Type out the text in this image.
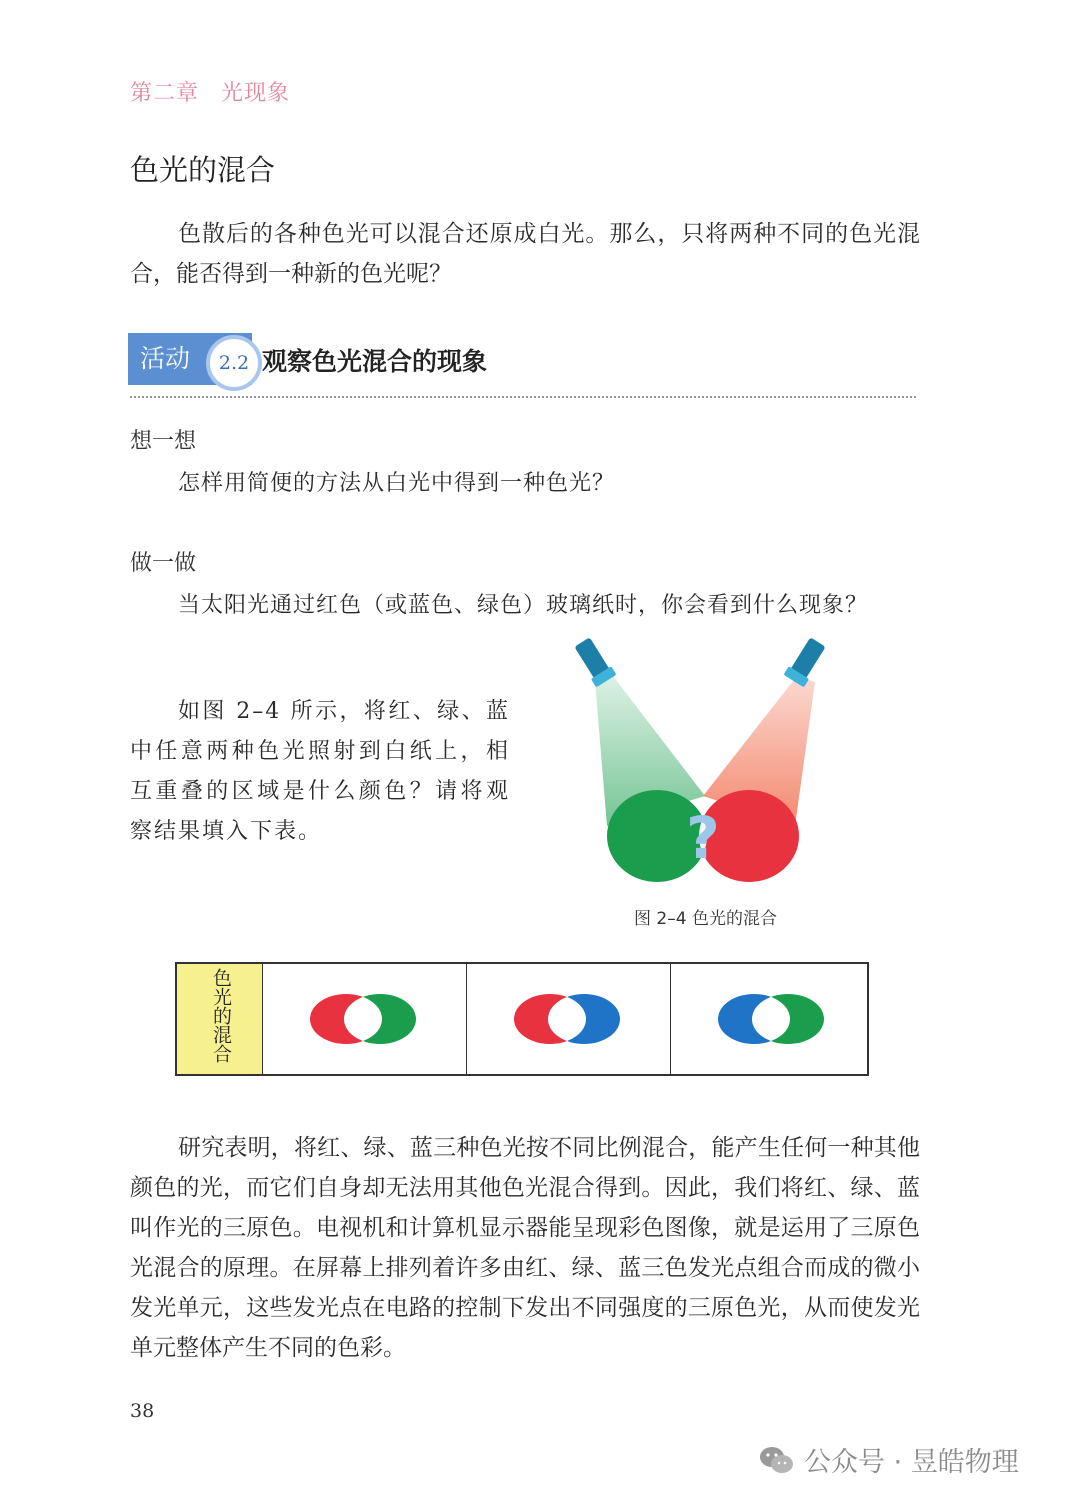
第二章 光现象
色光的混合
色散后的各种色光可以混合还原成白光。那么，只将两种不同的色光混合，能否得到一种新的色光呢？
活动	2.2 观察色光混合的现象
想一想
怎样用简便的方法从白光中得到一种色光？
做一做
当太阳光通过红色（或蓝色、绿色）玻璃纸时，你会看到什么现象？
如图 2–4 所示，将红、绿、蓝中任意两种色光照射到白纸上，相互重叠的区域是什么颜色？请将观察结果填入下表。	?
图 2–4 色光的混合
色光的混合
研究表明，将红、绿、蓝三种色光按不同比例混合，能产生任何一种其他颜色的光，而它们自身却无法用其他色光混合得到。因此，我们将红、绿、蓝叫作光的三原色。电视机和计算机显示器能呈现彩色图像，就是运用了三原色光混合的原理。在屏幕上排列着许多由红、绿、蓝三色发光点组合而成的微小发光单元，这些发光点在电路的控制下发出不同强度的三原色光，从而使发光单元整体产生不同的色彩。
38
公众号 · 昱皓物理
